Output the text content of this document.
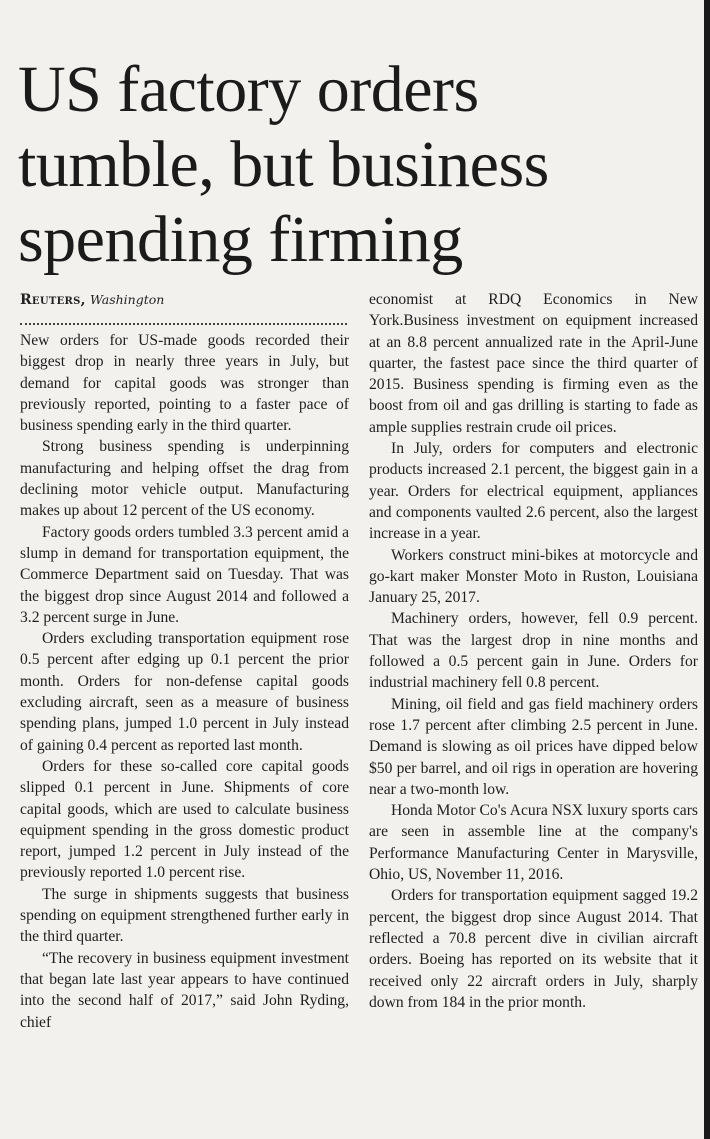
US factory orders
tumble, but business
spending firming
Reuters, Washington

New orders for US-made goods recorded their biggest drop in nearly three years in July, but demand for capital goods was stronger than previously reported, pointing to a faster pace of business spending early in the third quarter.

Strong business spending is underpinning manufacturing and helping offset the drag from declining motor vehicle output. Manufacturing makes up about 12 percent of the US economy.

Factory goods orders tumbled 3.3 percent amid a slump in demand for transportation equipment, the Commerce Department said on Tuesday. That was the biggest drop since August 2014 and followed a 3.2 percent surge in June.

Orders excluding transportation equipment rose 0.5 percent after edging up 0.1 percent the prior month. Orders for non-defense capital goods excluding aircraft, seen as a measure of business spending plans, jumped 1.0 percent in July instead of gaining 0.4 percent as reported last month.

Orders for these so-called core capital goods slipped 0.1 percent in June. Shipments of core capital goods, which are used to calculate business equipment spending in the gross domestic product report, jumped 1.2 percent in July instead of the previously reported 1.0 percent rise.

The surge in shipments suggests that business spending on equipment strengthened further early in the third quarter.

“The recovery in business equipment investment that began late last year appears to have continued into the second half of 2017,” said John Ryding, chief

economist at RDQ Economics in New York.Business investment on equipment increased at an 8.8 percent annualized rate in the April-June quarter, the fastest pace since the third quarter of 2015. Business spending is firming even as the boost from oil and gas drilling is starting to fade as ample supplies restrain crude oil prices.

In July, orders for computers and electronic products increased 2.1 percent, the biggest gain in a year. Orders for electrical equipment, appliances and components vaulted 2.6 percent, also the largest increase in a year.

Workers construct mini-bikes at motorcycle and go-kart maker Monster Moto in Ruston, Louisiana January 25, 2017.

Machinery orders, however, fell 0.9 percent. That was the largest drop in nine months and followed a 0.5 percent gain in June. Orders for industrial machinery fell 0.8 percent.

Mining, oil field and gas field machinery orders rose 1.7 percent after climbing 2.5 percent in June. Demand is slowing as oil prices have dipped below $50 per barrel, and oil rigs in operation are hovering near a two-month low.

Honda Motor Co's Acura NSX luxury sports cars are seen in assemble line at the company's Performance Manufacturing Center in Marysville, Ohio, US, November 11, 2016.

Orders for transportation equipment sagged 19.2 percent, the biggest drop since August 2014. That reflected a 70.8 percent dive in civilian aircraft orders. Boeing has reported on its website that it received only 22 aircraft orders in July, sharply down from 184 in the prior month.
